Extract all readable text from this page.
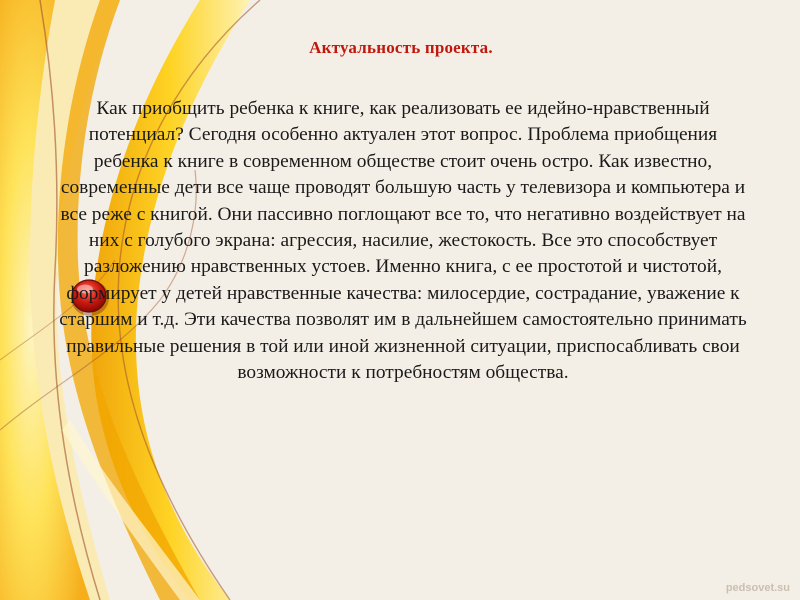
Актуальность проекта.
Как приобщить ребенка к книге, как реализовать ее идейно-нравственный потенциал? Сегодня особенно актуален этот вопрос. Проблема приобщения ребенка к книге в современном обществе стоит очень остро. Как известно, современные дети все чаще проводят большую часть у телевизора и компьютера и все реже с книгой. Они пассивно поглощают все то, что негативно воздействует на них с голубого экрана: агрессия, насилие, жестокость. Все это способствует разложению нравственных устоев. Именно книга, с ее простотой и чистотой, формирует у детей нравственные качества: милосердие, сострадание, уважение к старшим и т.д. Эти качества позволят им в дальнейшем самостоятельно принимать правильные решения в той или иной жизненной ситуации, приспосабливать свои возможности к потребностям общества.
pedsovet.su
